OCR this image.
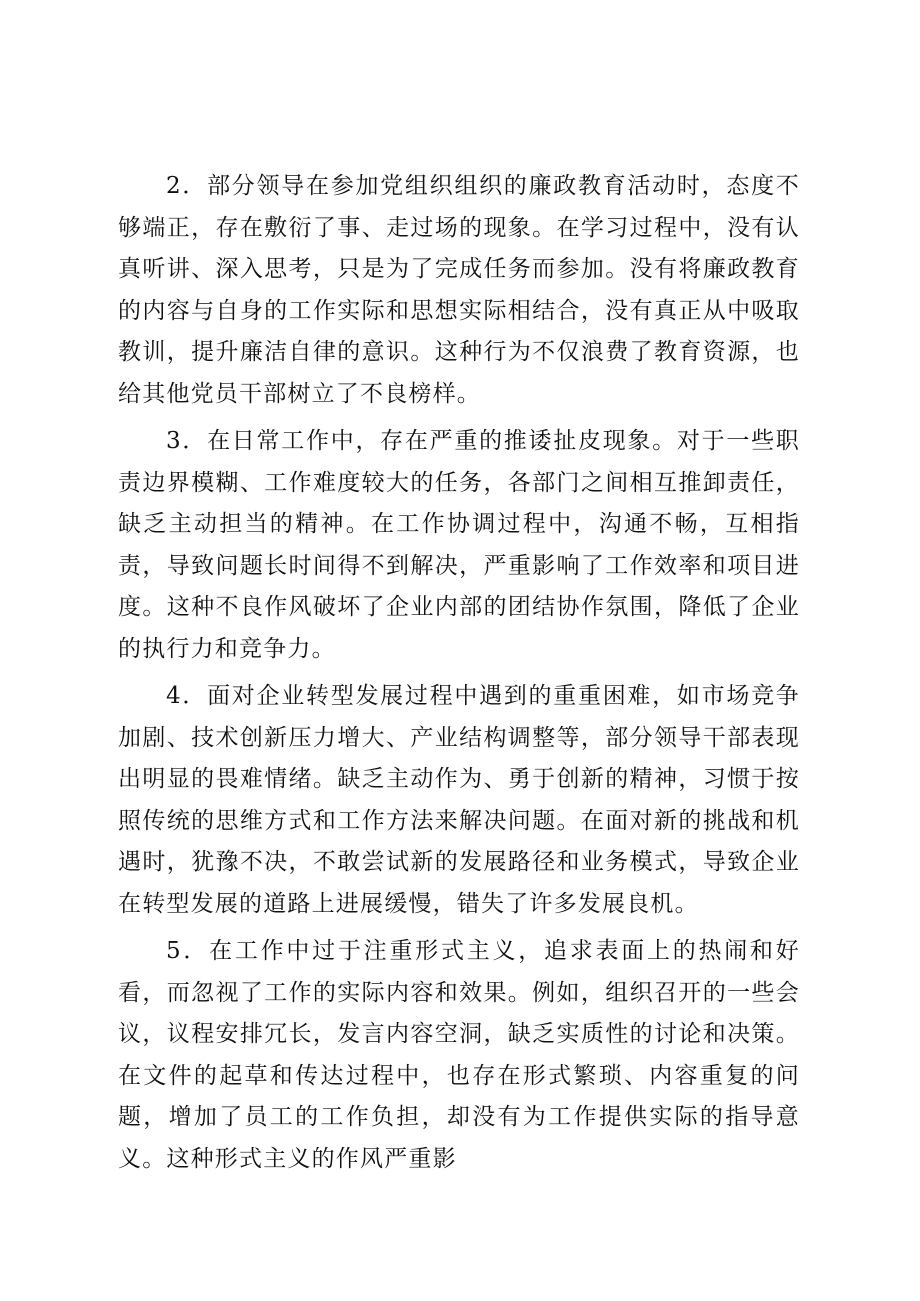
2．部分领导在参加党组织组织的廉政教育活动时，态度不够端正，存在敷衍了事、走过场的现象。在学习过程中，没有认真听讲、深入思考，只是为了完成任务而参加。没有将廉政教育的内容与自身的工作实际和思想实际相结合，没有真正从中吸取教训，提升廉洁自律的意识。这种行为不仅浪费了教育资源，也给其他党员干部树立了不良榜样。

3．在日常工作中，存在严重的推诿扯皮现象。对于一些职责边界模糊、工作难度较大的任务，各部门之间相互推卸责任，缺乏主动担当的精神。在工作协调过程中，沟通不畅，互相指责，导致问题长时间得不到解决，严重影响了工作效率和项目进度。这种不良作风破坏了企业内部的团结协作氛围，降低了企业的执行力和竞争力。

4．面对企业转型发展过程中遇到的重重困难，如市场竞争加剧、技术创新压力增大、产业结构调整等，部分领导干部表现出明显的畏难情绪。缺乏主动作为、勇于创新的精神，习惯于按照传统的思维方式和工作方法来解决问题。在面对新的挑战和机遇时，犹豫不决，不敢尝试新的发展路径和业务模式，导致企业在转型发展的道路上进展缓慢，错失了许多发展良机。

5．在工作中过于注重形式主义，追求表面上的热闹和好看，而忽视了工作的实际内容和效果。例如，组织召开的一些会议，议程安排冗长，发言内容空洞，缺乏实质性的讨论和决策。在文件的起草和传达过程中，也存在形式繁琐、内容重复的问题，增加了员工的工作负担，却没有为工作提供实际的指导意义。这种形式主义的作风严重影
